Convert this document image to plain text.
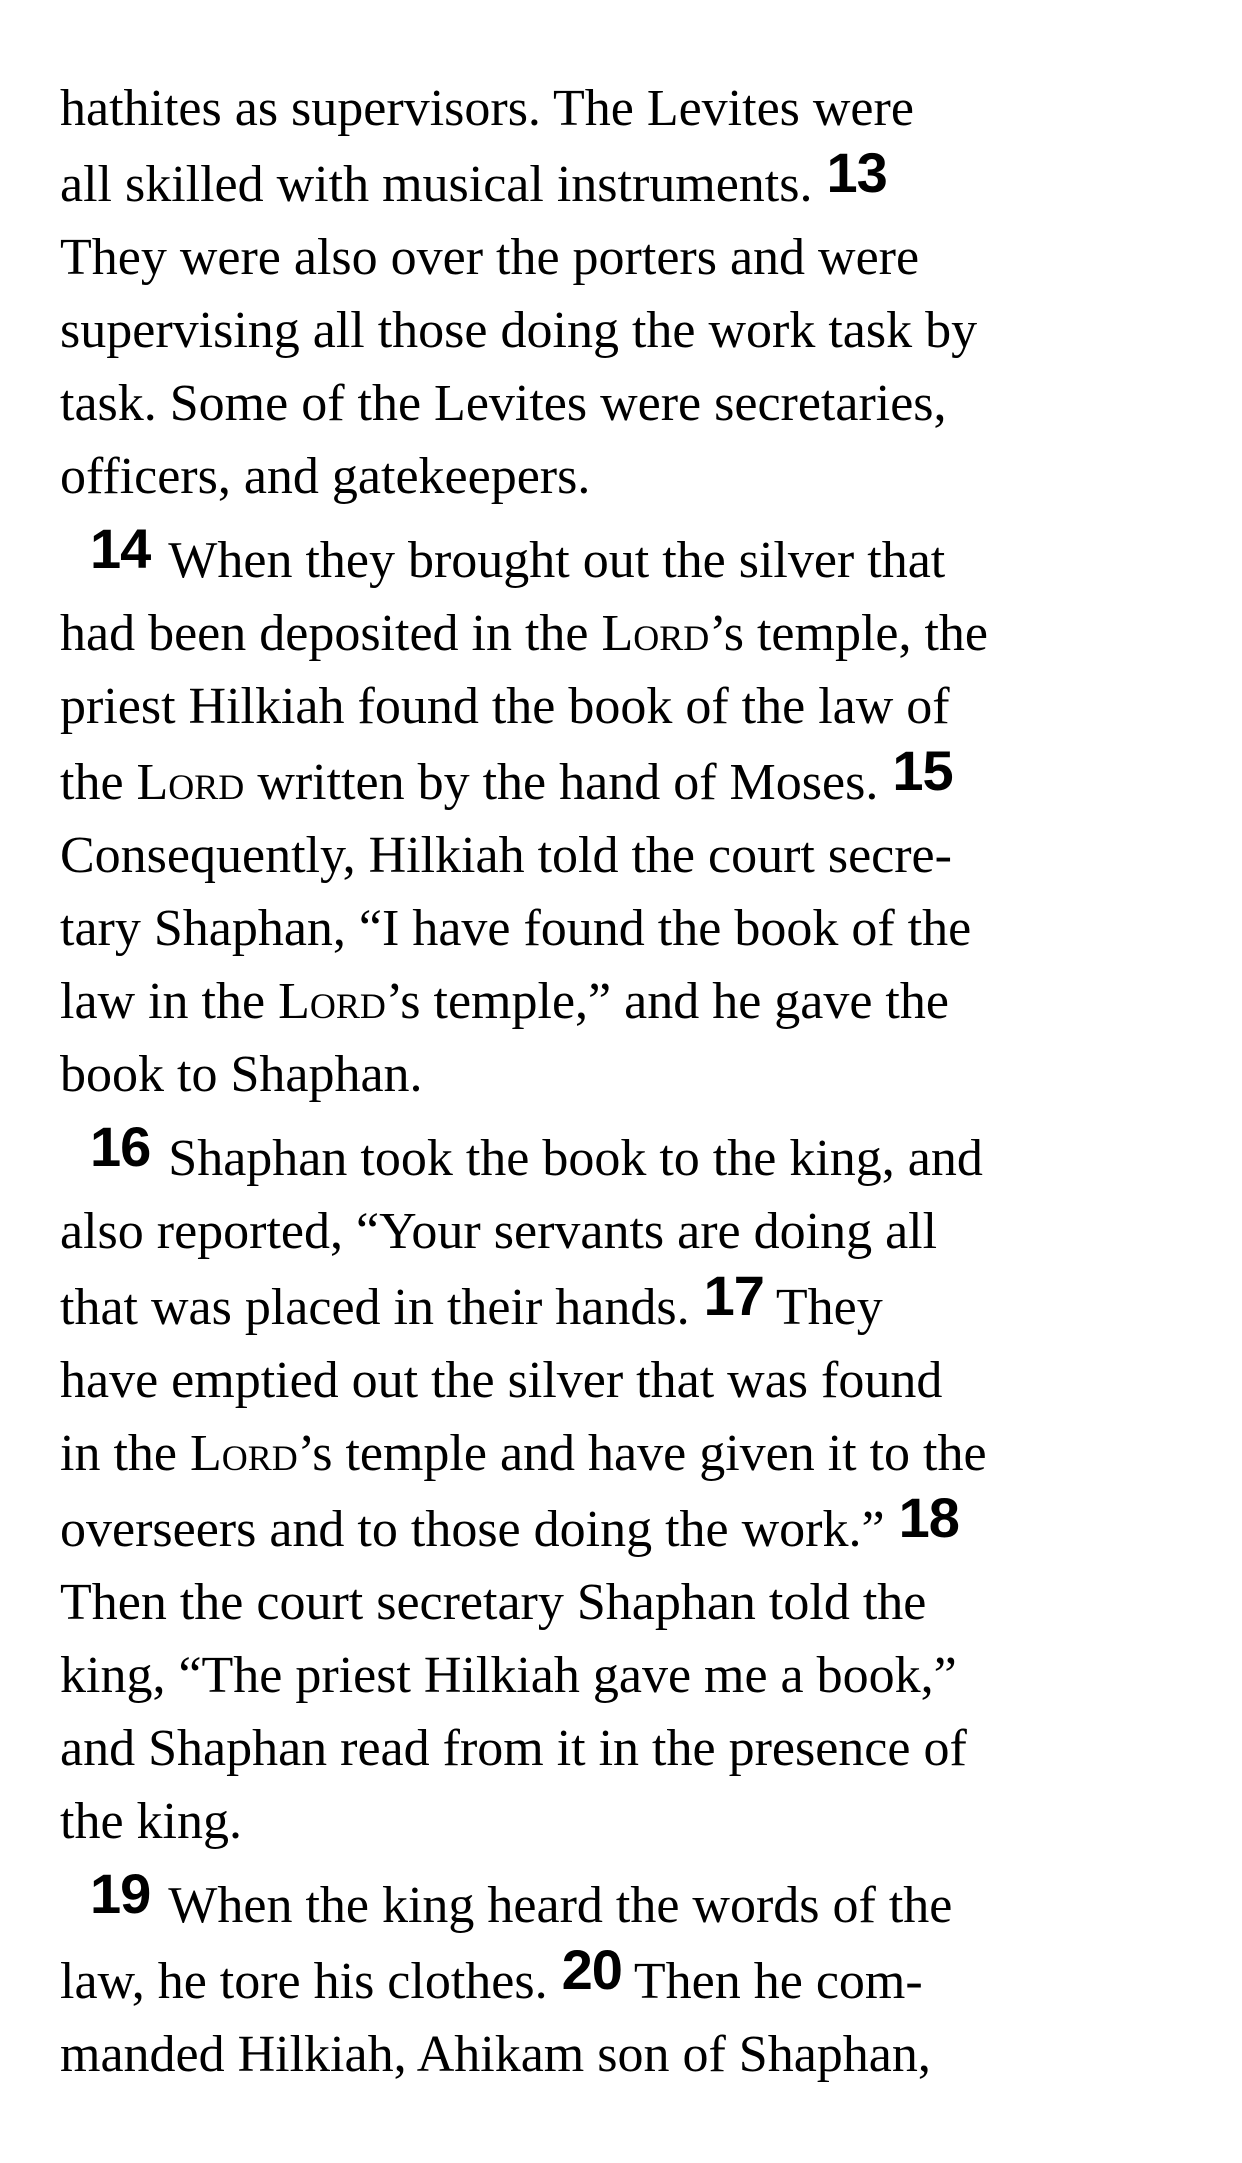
hathites as supervisors. The Levites were
all skilled with musical instruments. 13
They were also over the porters and were
supervising all those doing the work task by
task. Some of the Levites were secretaries,
officers, and gatekeepers.
14 When they brought out the silver that
had been deposited in the Lord’s temple, the
priest Hilkiah found the book of the law of
the Lord written by the hand of Moses. 15
Consequently, Hilkiah told the court secre-
tary Shaphan, “I have found the book of the
law in the Lord’s temple,” and he gave the
book to Shaphan.
16 Shaphan took the book to the king, and
also reported, “Your servants are doing all
that was placed in their hands. 17 They
have emptied out the silver that was found
in the Lord’s temple and have given it to the
overseers and to those doing the work.” 18
Then the court secretary Shaphan told the
king, “The priest Hilkiah gave me a book,”
and Shaphan read from it in the presence of
the king.
19 When the king heard the words of the
law, he tore his clothes. 20 Then he com-
manded Hilkiah, Ahikam son of Shaphan,
